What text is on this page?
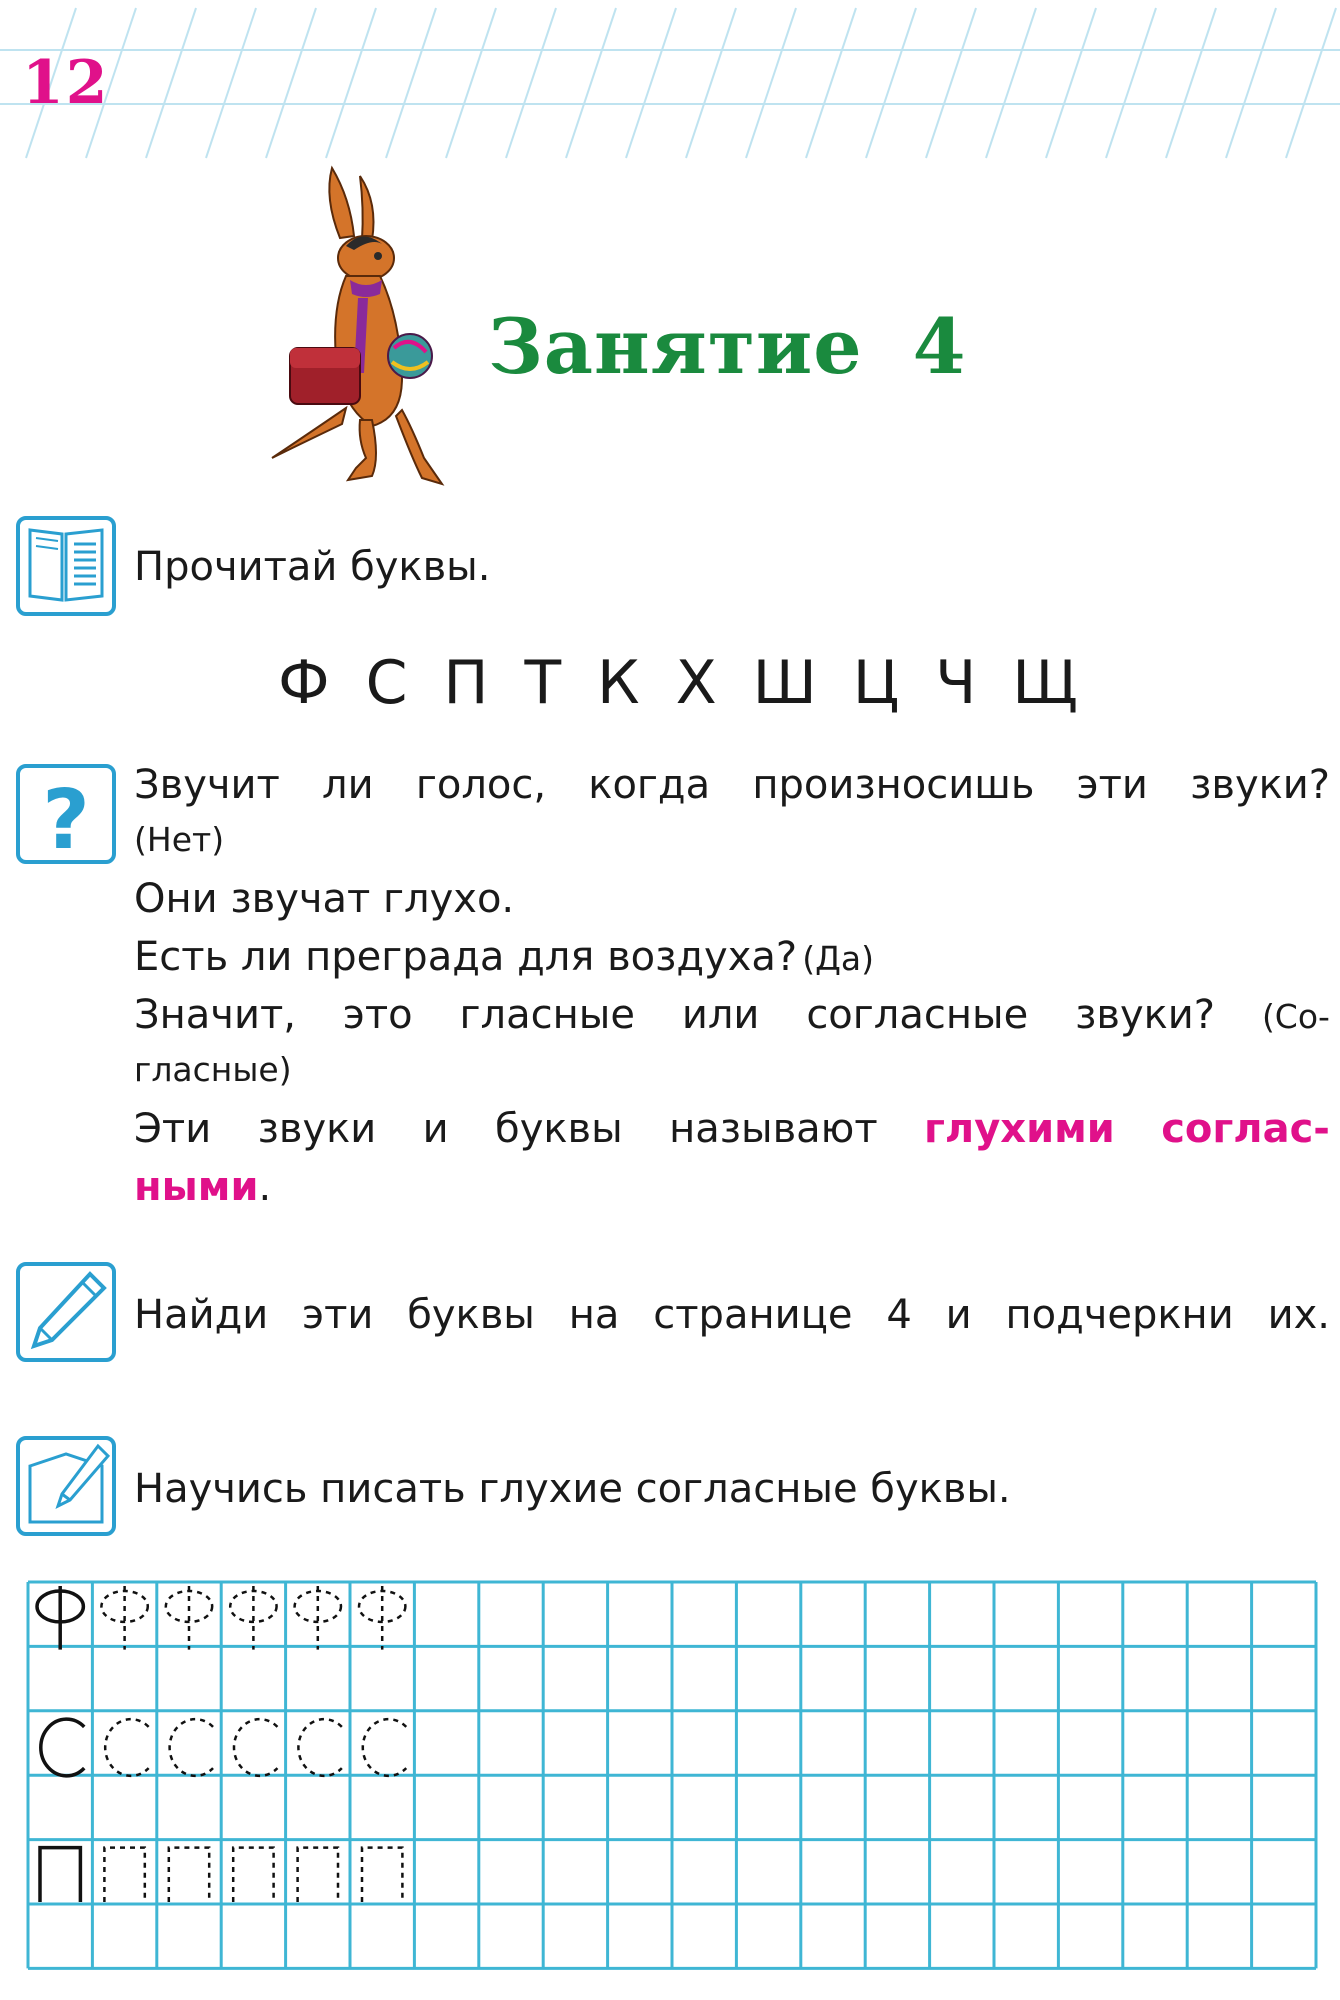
12
Занятие 4
Прочитай буквы.
Ф С П Т К Х Ш Ц Ч Щ
? Звучит ли голос, когда произносишь эти звуки?
(Нет)
Они звучат глухо.
Есть ли преграда для воздуха? (Да)
Значит, это гласные или согласные звуки? (Со-
гласные)
Эти звуки и буквы называют глухими соглас-
ными.
Найди эти буквы на странице 4 и подчеркни их.
Научись писать глухие согласные буквы.
